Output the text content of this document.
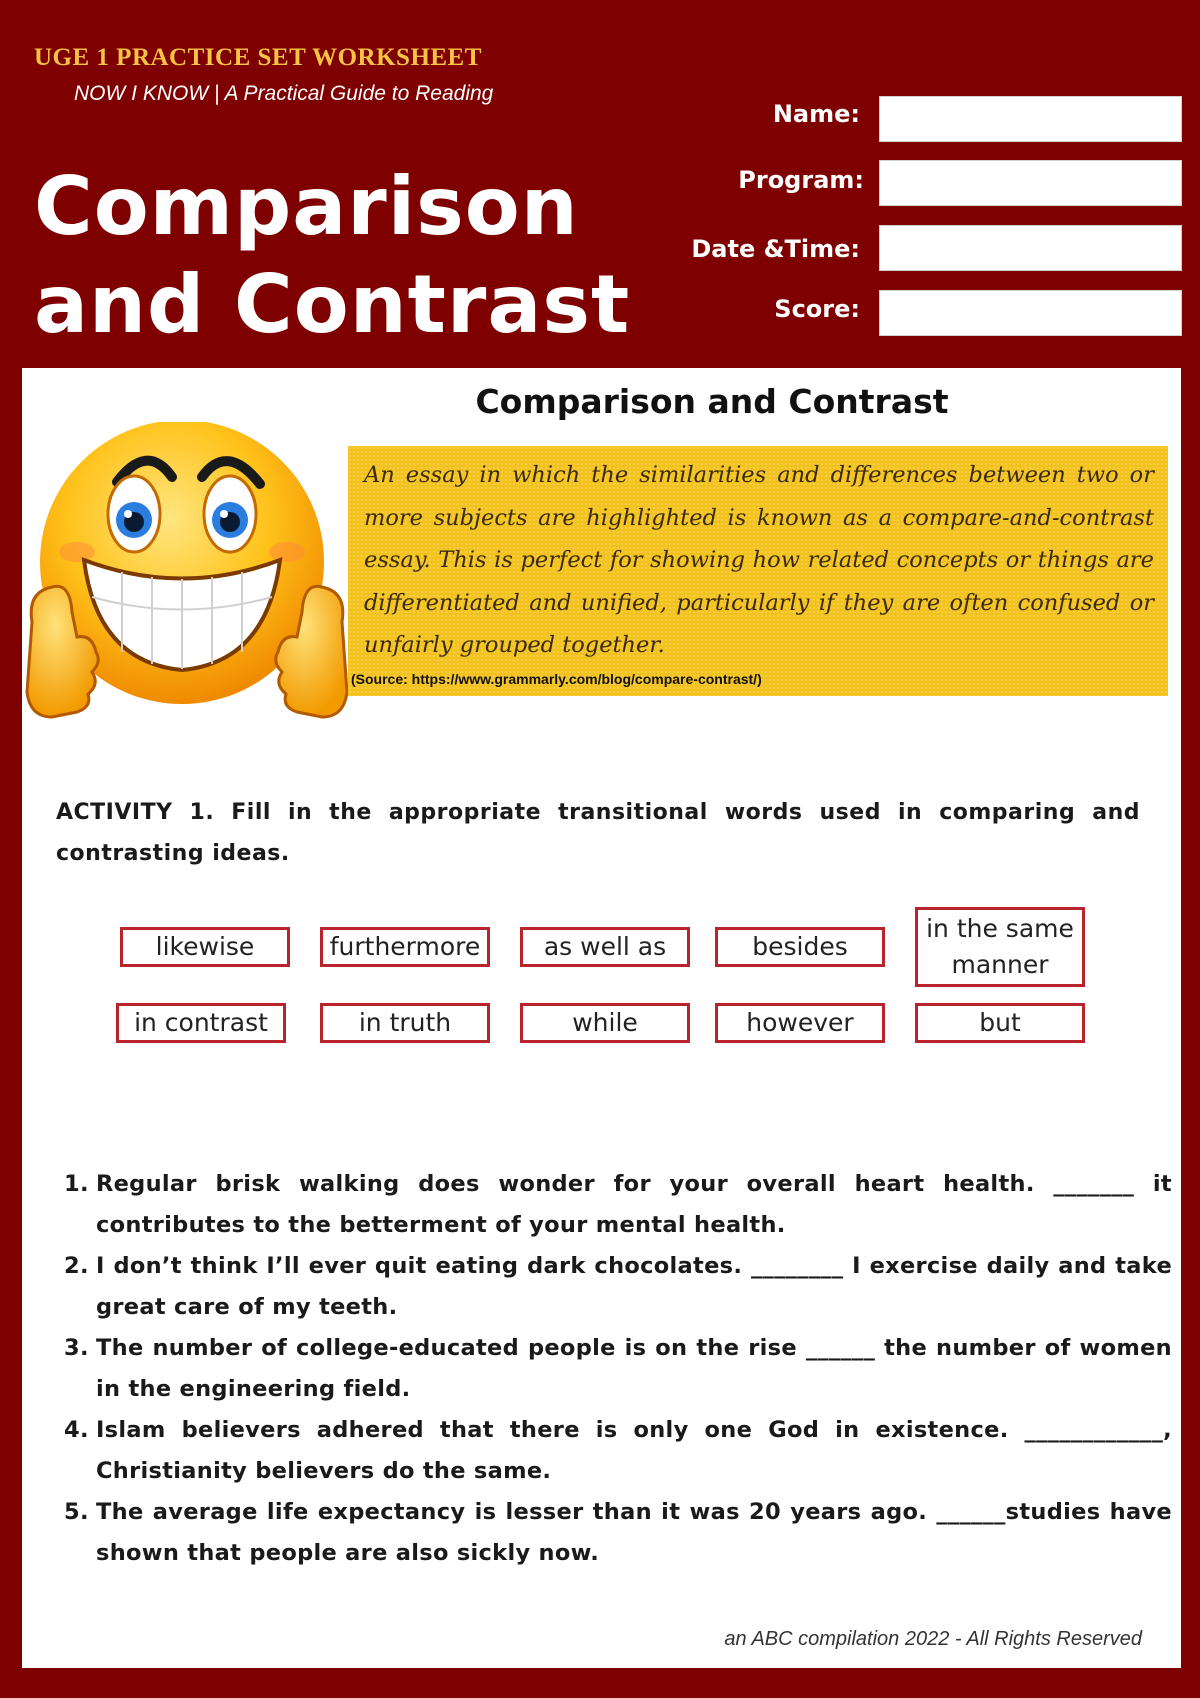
UGE 1 PRACTICE SET WORKSHEET
NOW I KNOW | A Practical Guide to Reading
Comparison
and Contrast
Name:
Program:
Date &Time:
Score:
Comparison and Contrast
An essay in which the similarities and differences between two or more subjects are highlighted is known as a compare-and-contrast essay. This is perfect for showing how related concepts or things are differentiated and unified, particularly if they are often confused or unfairly grouped together.
(Source: https://www.grammarly.com/blog/compare-contrast/)
ACTIVITY 1. Fill in the appropriate transitional words used in comparing and contrasting ideas.
likewise	furthermore	as well as	besides
in the same manner
in contrast	in truth	while	however	but
1. Regular brisk walking does wonder for your overall heart health. _______ it contributes to the betterment of your mental health.
2. I don’t think I’ll ever quit eating dark chocolates. ________ I exercise daily and take great care of my teeth.
3. The number of college-educated people is on the rise ______ the number of women in the engineering field.
4. Islam believers adhered that there is only one God in existence. ____________, Christianity believers do the same.
5. The average life expectancy is lesser than it was 20 years ago. ______studies have shown that people are also sickly now.
an ABC compilation 2022 - All Rights Reserved
